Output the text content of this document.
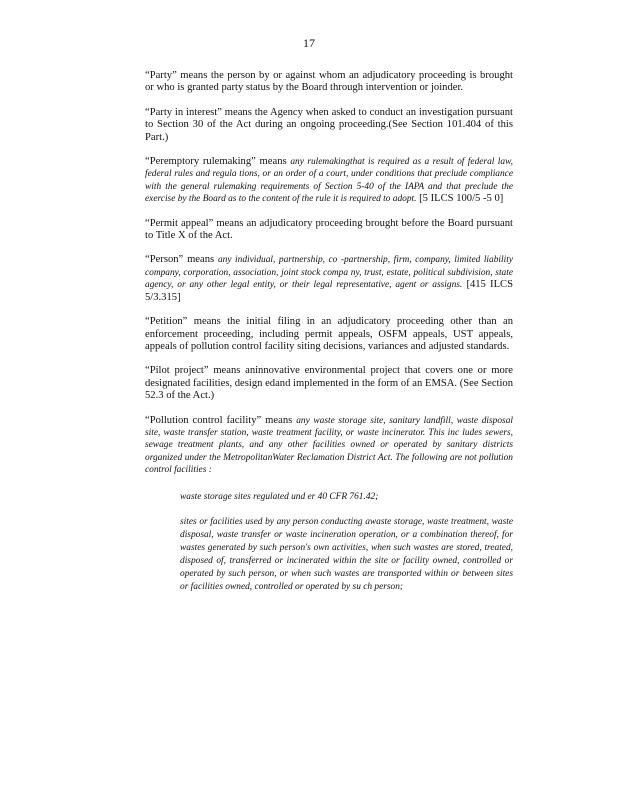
17

“Party” means the person by or against whom an adjudicatory proceeding is brought or who is granted party status by the Board through intervention or joinder.

“Party in interest” means the Agency when asked to conduct an investigation pursuant to Section 30 of the Act during an ongoing proceeding.(See Section 101.404 of this Part.)

“Peremptory rulemaking” means any rulemakingthat is required as a result of federal law, federal rules and regula tions, or an order of a court, under conditions that preclude compliance with the general rulemaking requirements of Section 5-40 of the IAPA and that preclude the exercise by the Board as to the content of the rule it is required to adopt. [5 ILCS 100/5 -5 0]

“Permit appeal” means an adjudicatory proceeding brought before the Board pursuant to Title X of the Act.

“Person” means any individual, partnership, co -partnership, firm, company, limited liability company, corporation, association, joint stock compa ny, trust, estate, political subdivision, state agency, or any other legal entity, or their legal representative, agent or assigns. [415 ILCS 5/3.315]

“Petition” means the initial filing in an adjudicatory proceeding other than an enforcement proceeding, including permit appeals, OSFM appeals, UST appeals, appeals of pollution control facility siting decisions, variances and adjusted standards.

“Pilot project” means aninnovative environmental project that covers one or more designated facilities, design edand implemented in the form of an EMSA. (See Section 52.3 of the Act.)

“Pollution control facility” means any waste storage site, sanitary landfill, waste disposal site, waste transfer station, waste treatment facility, or waste incinerator. This inc ludes sewers, sewage treatment plants, and any other facilities owned or operated by sanitary districts organized under the MetropolitanWater Reclamation District Act. The following are not pollution control facilities :

waste storage sites regulated und er 40 CFR 761.42;

sites or facilities used by any person conducting awaste storage, waste treatment, waste disposal, waste transfer or waste incineration operation, or a combination thereof, for wastes generated by such person's own activities, when such wastes are stored, treated, disposed of, transferred or incinerated within the site or facility owned, controlled or operated by such person, or when such wastes are transported within or between sites or facilities owned, controlled or operated by su ch person;
